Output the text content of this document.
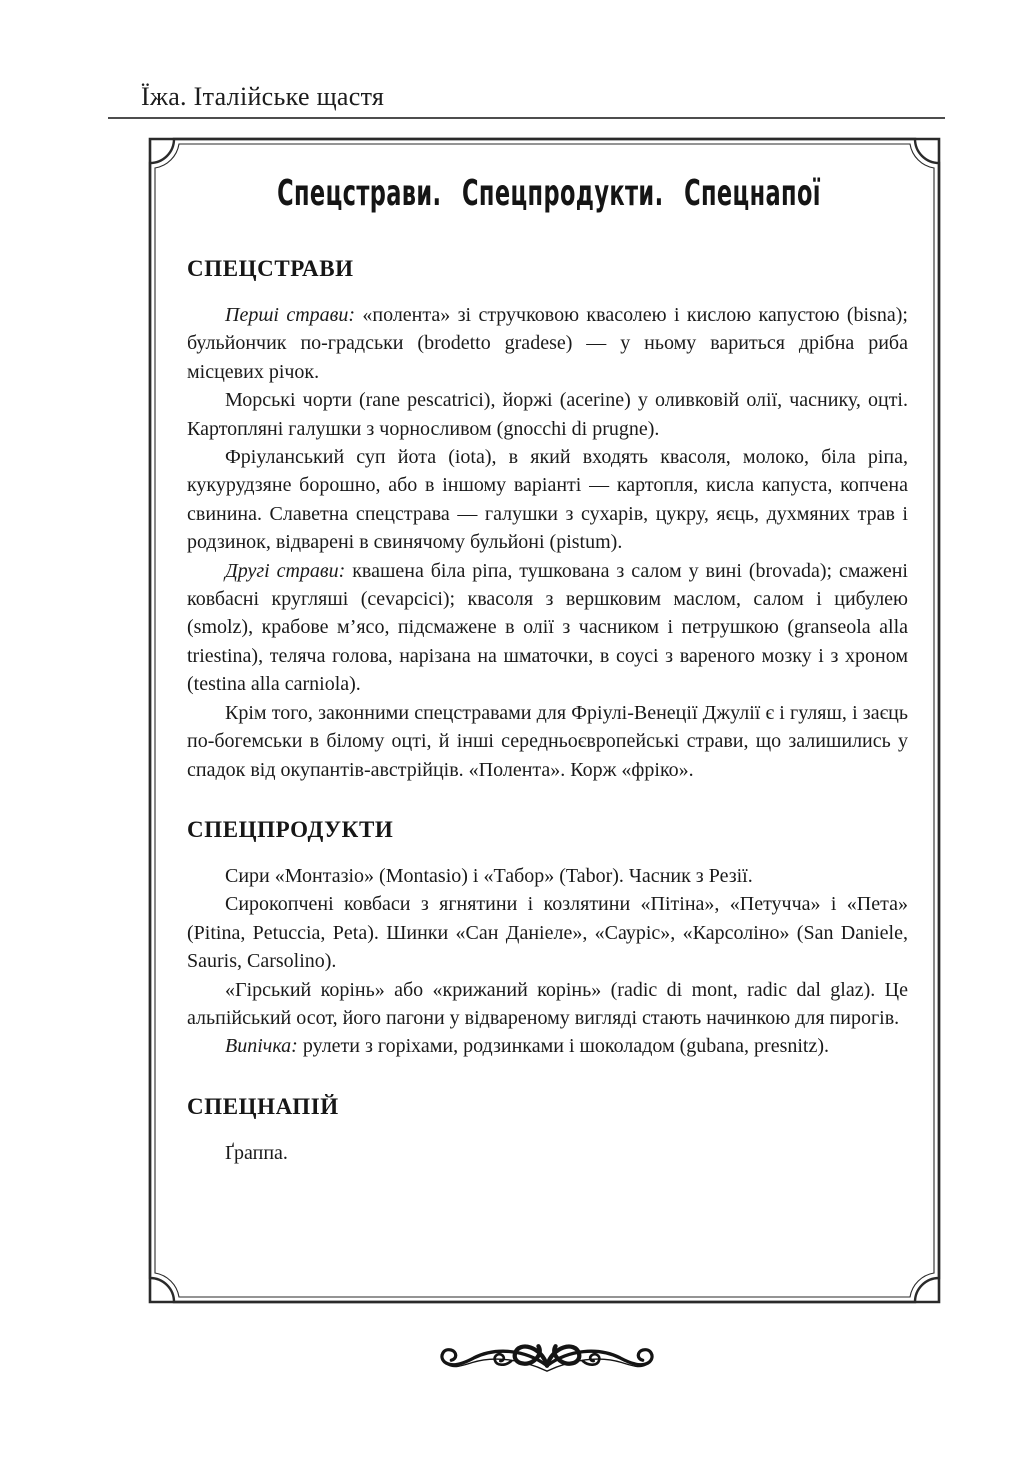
Їжа. Італійське щастя
Спецстрави. Спецпродукти. Спецнапої
СПЕЦСТРАВИ

Перші страви: «полента» зі стручковою квасолею і кислою капустою (bisna); бульйончик по-градськи (brodetto gradese) — у ньому вариться дрібна риба місцевих річок.

Морські чорти (rane pescatrici), йоржі (acerine) у оливковій олії, часнику, оцті. Картопляні галушки з чорносливом (gnocchi di prugne).

Фріуланський суп йота (iota), в який входять квасоля, молоко, біла ріпа, кукурудзяне борошно, або в іншому варіанті — картопля, кисла капуста, копчена свинина. Славетна спецстрава — галушки з сухарів, цукру, яєць, духмяних трав і родзинок, відварені в свинячому бульйоні (pistum).

Другі страви: квашена біла ріпа, тушкована з салом у вині (brovada); смажені ковбасні кругляші (cevapcici); квасоля з вершковим маслом, салом і цибулею (smolz), крабове м’ясо, підсмажене в олії з часником і петрушкою (granseola alla triestina), теляча голова, нарізана на шматочки, в соусі з вареного мозку і з хроном (testina alla carniola).

Крім того, законними спецстравами для Фріулі-Венеції Джулії є і гуляш, і заєць по-богемськи в білому оцті, й інші середньоєвропейські страви, що залишились у спадок від окупантів-австрійців. «Полента». Корж «фріко».

СПЕЦПРОДУКТИ

Сири «Монтазіо» (Montasio) і «Табор» (Tabor). Часник з Резії.

Сирокопчені ковбаси з ягнятини і козлятини «Пітіна», «Петучча» і «Пета» (Pitina, Petuccia, Peta). Шинки «Сан Даніеле», «Сауріс», «Карсоліно» (San Daniele, Sauris, Carsolino).

«Гірський корінь» або «крижаний корінь» (radic di mont, radic dal glaz). Це альпійський осот, його пагони у відвареному вигляді стають начинкою для пирогів.

Випічка: рулети з горіхами, родзинками і шоколадом (gubana, presnitz).

СПЕЦНАПІЙ

Ґраппа.
